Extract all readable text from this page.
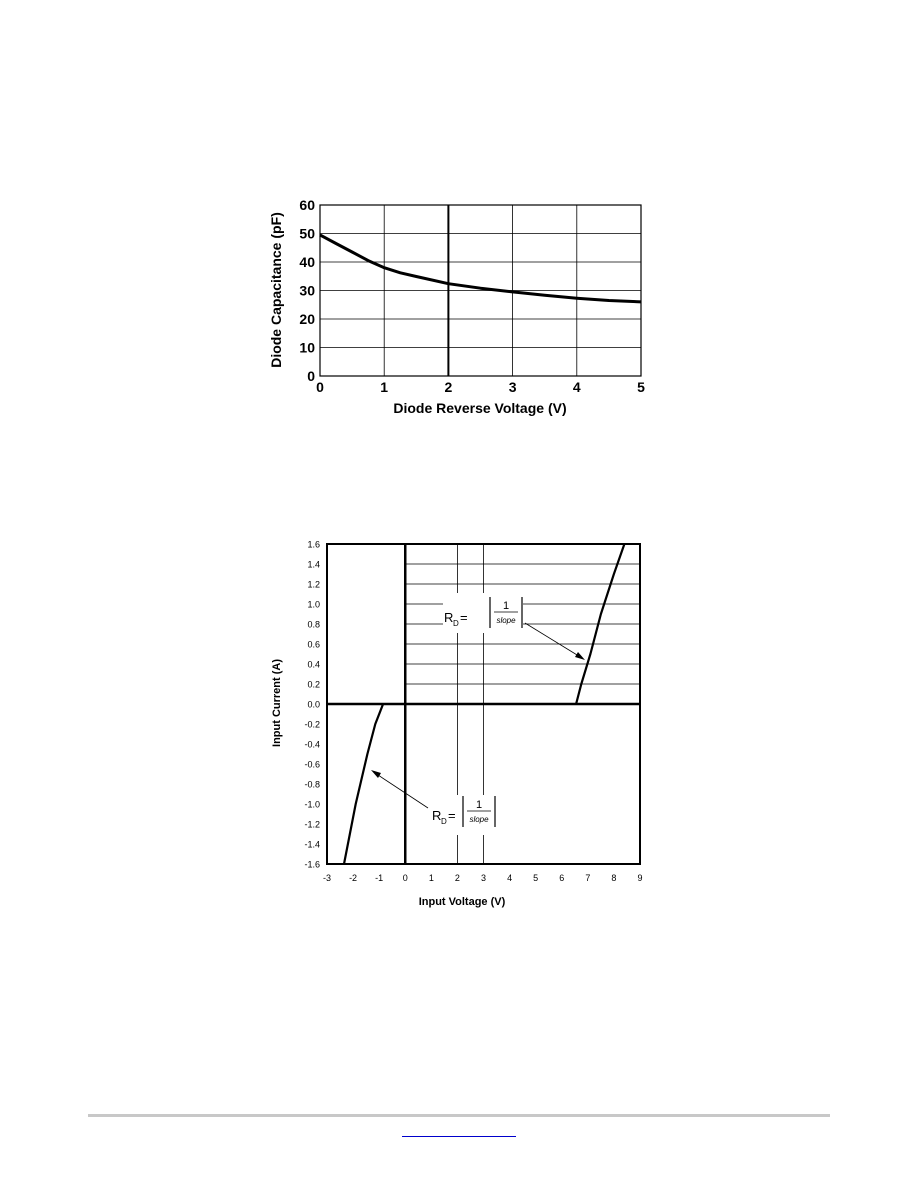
0
10
20
30
40
50
60
0	1	2	3	4	5
Diode Reverse Voltage (V)
Diode Capacitance (pF)
-1.6
-1.4
-1.2
-1.0
-0.8
-0.6
-0.4
-0.2
0.0
0.2
0.4
0.6
0.8
1.0
1.2
1.4
1.6
-3 -2 -1 0 1 2 3 4 5 6 7 8 9
R D =
1
slope
R D =
1
slope
Input Voltage (V)
Input Current (A)
